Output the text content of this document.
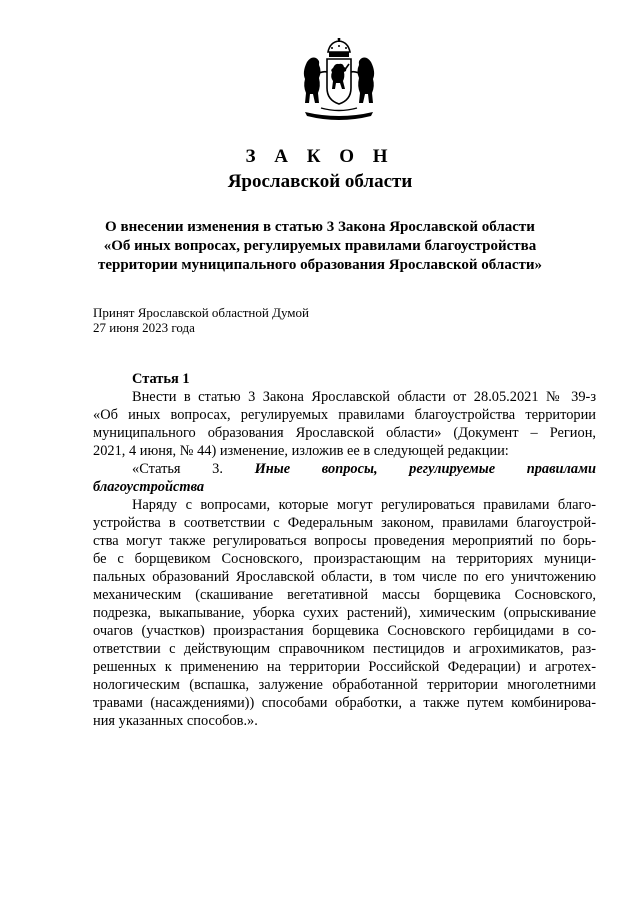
З А К О Н
Ярославской области
О внесении изменения в статью 3 Закона Ярославской области
«Об иных вопросах, регулируемых правилами благоустройства
территории муниципального образования Ярославской области»
Принят Ярославской областной Думой
27 июня 2023 года
Статья 1
Внести в статью 3 Закона Ярославской области от 28.05.2021 № 39-з
«Об иных вопросах, регулируемых правилами благоустройства территории
муниципального образования Ярославской области» (Документ – Регион,
2021, 4 июня, № 44) изменение, изложив ее в следующей редакции:
«Статья 3. Иные вопросы, регулируемые правилами
благоустройства
Наряду с вопросами, которые могут регулироваться правилами благо-
устройства в соответствии с Федеральным законом, правилами благоустрой-
ства могут также регулироваться вопросы проведения мероприятий по борь-
бе с борщевиком Сосновского, произрастающим на территориях муници-
пальных образований Ярославской области, в том числе по его уничтожению
механическим (скашивание вегетативной массы борщевика Сосновского,
подрезка, выкапывание, уборка сухих растений), химическим (опрыскивание
очагов (участков) произрастания борщевика Сосновского гербицидами в со-
ответствии с действующим справочником пестицидов и агрохимикатов, раз-
решенных к применению на территории Российской Федерации) и агротех-
нологическим (вспашка, залужение обработанной территории многолетними
травами (насаждениями)) способами обработки, а также путем комбинирова-
ния указанных способов.».
